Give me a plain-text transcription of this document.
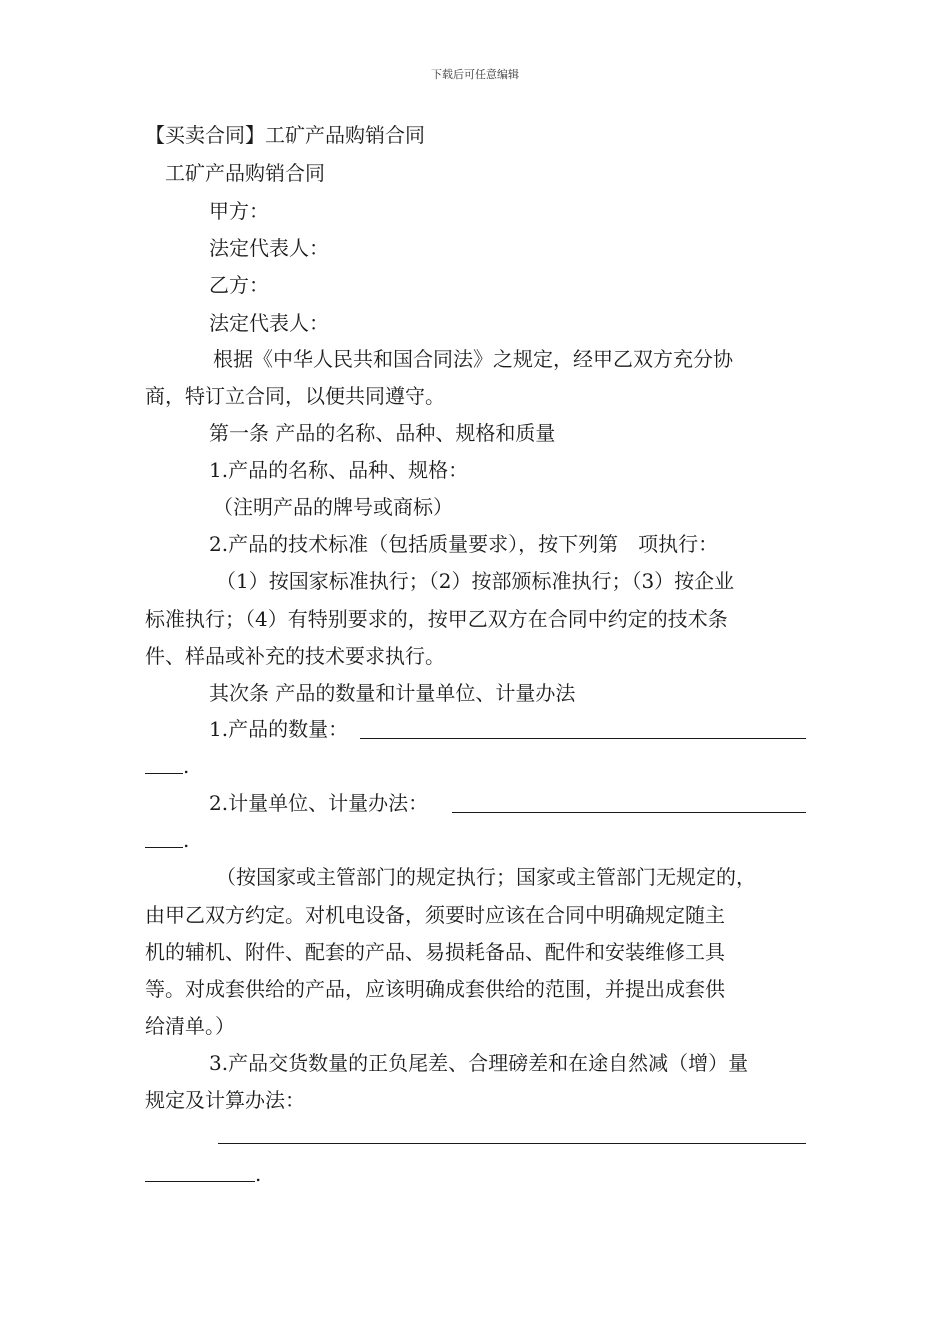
下载后可任意编辑
【买卖合同】工矿产品购销合同
工矿产品购销合同
甲方：
法定代表人：
乙方：
法定代表人：
根据《中华人民共和国合同法》之规定，经甲乙双方充分协
商，特订立合同，以便共同遵守。
第一条 产品的名称、品种、规格和质量
1.产品的名称、品种、规格：
（注明产品的牌号或商标）
2.产品的技术标准（包括质量要求），按下列第　项执行：
（1）按国家标准执行；（2）按部颁标准执行；（3）按企业
标准执行；（4）有特别要求的，按甲乙双方在合同中约定的技术条
件、样品或补充的技术要求执行。
其次条 产品的数量和计量单位、计量办法
1.产品的数量：
.
2.计量单位、计量办法：
.
（按国家或主管部门的规定执行；国家或主管部门无规定的，
由甲乙双方约定。对机电设备，须要时应该在合同中明确规定随主
机的辅机、附件、配套的产品、易损耗备品、配件和安装维修工具
等。对成套供给的产品，应该明确成套供给的范围，并提出成套供
给清单。）
3.产品交货数量的正负尾差、合理磅差和在途自然减（增）量
规定及计算办法：
.
